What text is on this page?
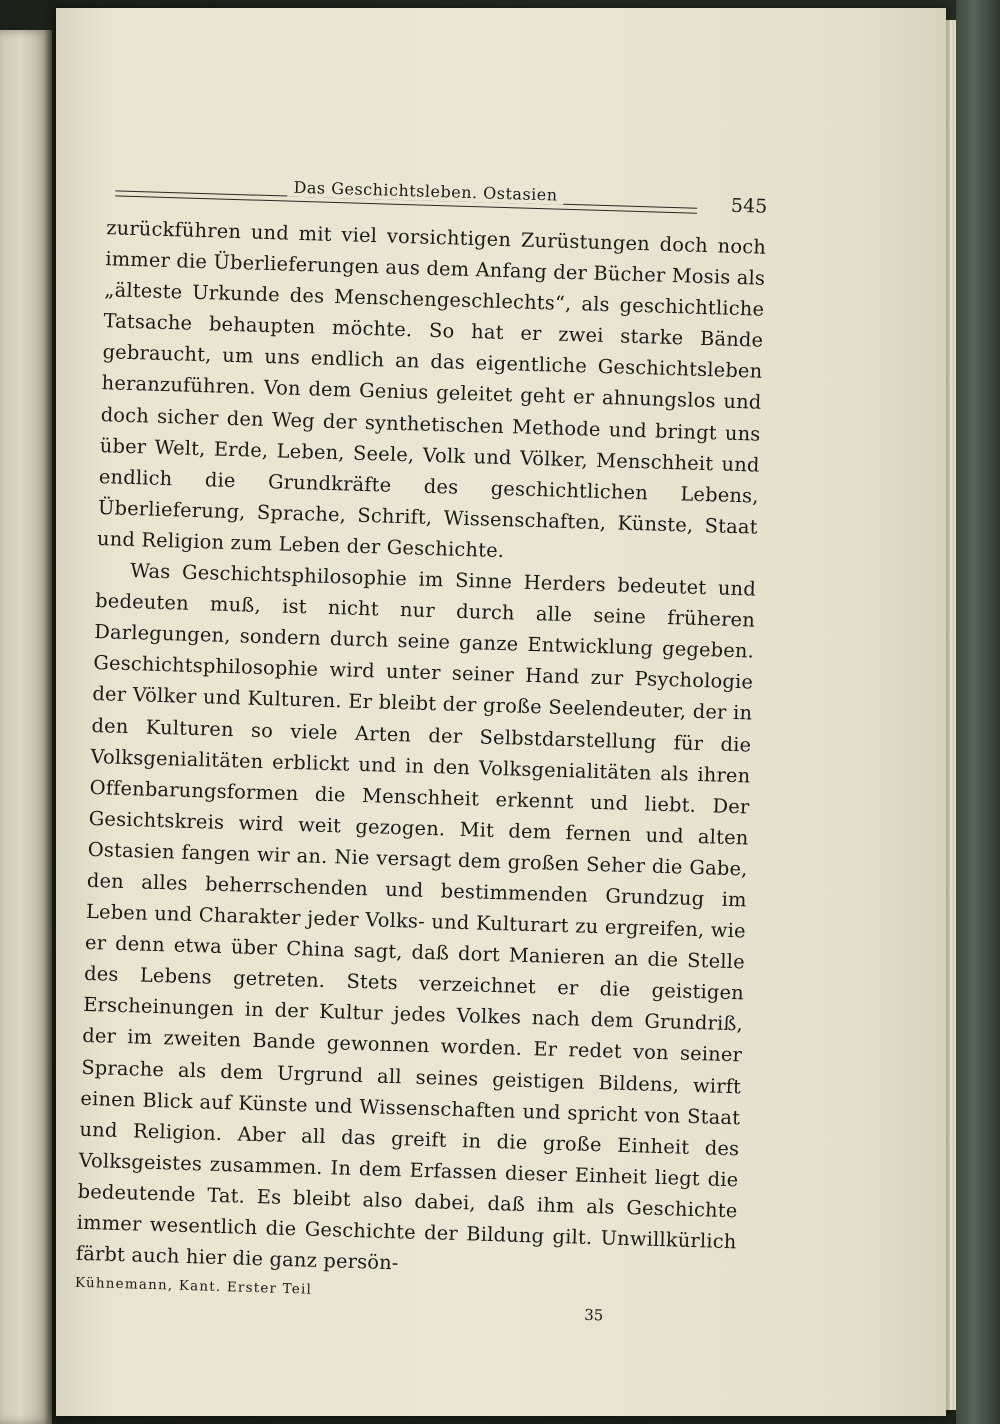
Das Geschichtsleben. Ostasien
545

zurückführen und mit viel vorsichtigen Zurüstungen doch noch immer die Überlieferungen aus dem Anfang der Bücher Mosis als „älteste Urkunde des Menschengeschlechts“, als geschichtliche Tatsache behaupten möchte. So hat er zwei starke Bände gebraucht, um uns endlich an das eigentliche Geschichtsleben heranzuführen. Von dem Genius geleitet geht er ahnungslos und doch sicher den Weg der synthetischen Methode und bringt uns über Welt, Erde, Leben, Seele, Volk und Völker, Menschheit und endlich die Grundkräfte des geschichtlichen Lebens, Überlieferung, Sprache, Schrift, Wissenschaften, Künste, Staat und Religion zum Leben der Geschichte.

Was Geschichtsphilosophie im Sinne Herders bedeutet und bedeuten muß, ist nicht nur durch alle seine früheren Darlegungen, sondern durch seine ganze Entwicklung gegeben. Geschichtsphilosophie wird unter seiner Hand zur Psychologie der Völker und Kulturen. Er bleibt der große Seelendeuter, der in den Kulturen so viele Arten der Selbstdarstellung für die Volksgenialitäten erblickt und in den Volksgenialitäten als ihren Offenbarungsformen die Menschheit erkennt und liebt. Der Gesichtskreis wird weit gezogen. Mit dem fernen und alten Ostasien fangen wir an. Nie versagt dem großen Seher die Gabe, den alles beherrschenden und bestimmenden Grundzug im Leben und Charakter jeder Volks- und Kulturart zu ergreifen, wie er denn etwa über China sagt, daß dort Manieren an die Stelle des Lebens getreten. Stets verzeichnet er die geistigen Erscheinungen in der Kultur jedes Volkes nach dem Grundriß, der im zweiten Bande gewonnen worden. Er redet von seiner Sprache als dem Urgrund all seines geistigen Bildens, wirft einen Blick auf Künste und Wissenschaften und spricht von Staat und Religion. Aber all das greift in die große Einheit des Volksgeistes zusammen. In dem Erfassen dieser Einheit liegt die bedeutende Tat. Es bleibt also dabei, daß ihm als Geschichte immer wesentlich die Geschichte der Bildung gilt. Unwillkürlich färbt auch hier die ganz persön-

Kühnemann, Kant. Erster Teil
35
